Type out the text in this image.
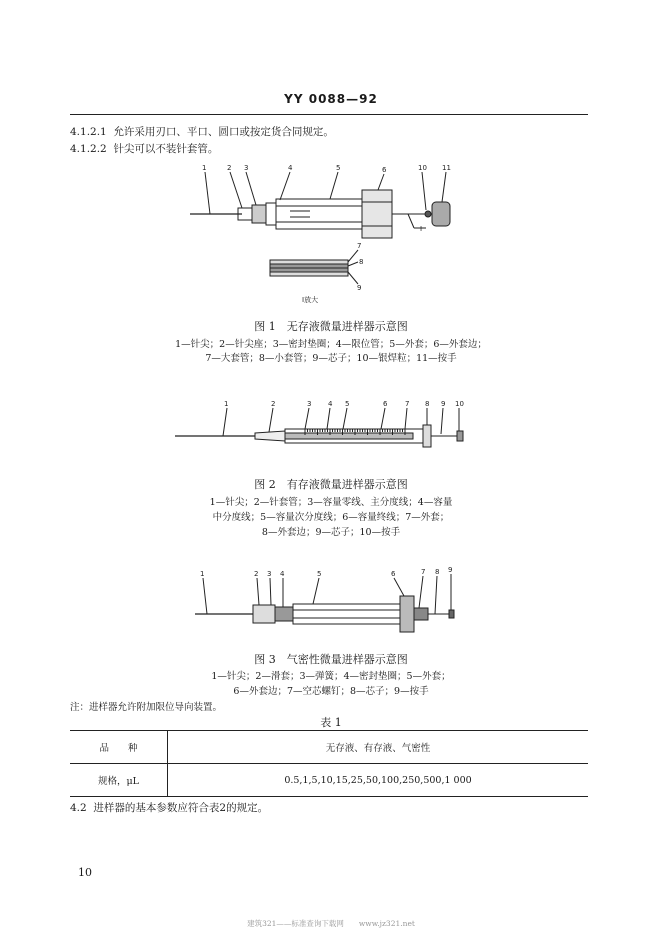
YY 0088—92
4.1.2.1 允许采用刃口、平口、圆口或按定货合同规定。
4.1.2.2 针尖可以不装针套管。
1	2 3	4	5	6	10 11
I
7
8
9
I放大
图 1　无存液微量进样器示意图
1—针尖；2—针尖座；3—密封垫圈；4—限位管；5—外套；6—外套边；
7—大套管；8—小套管；9—芯子；10—银焊粒；11—按手
1	2	3 4 5	6	7 8 9 10
图 2　有存液微量进样器示意图
1—针尖；2—针套管；3—容量零线、主分度线；4—容量
中分度线；5—容量次分度线；6—容量终线；7—外套；
8—外套边；9—芯子；10—按手
1	2 3 4	5	6	7 8 9
图 3　气密性微量进样器示意图
1—针尖；2—滑套；3—弹簧；4—密封垫圈；5—外套；
6—外套边；7—空芯螺钉；8—芯子；9—按手
注：进样器允许附加限位导向装置。
表 1
品　　种	无存液、有存液、气密性
规格，μL	0.5,1,5,10,15,25,50,100,250,500,1 000
4.2 进样器的基本参数应符合表2的规定。
10
建筑321——标准查询下载网　　www.jz321.net
